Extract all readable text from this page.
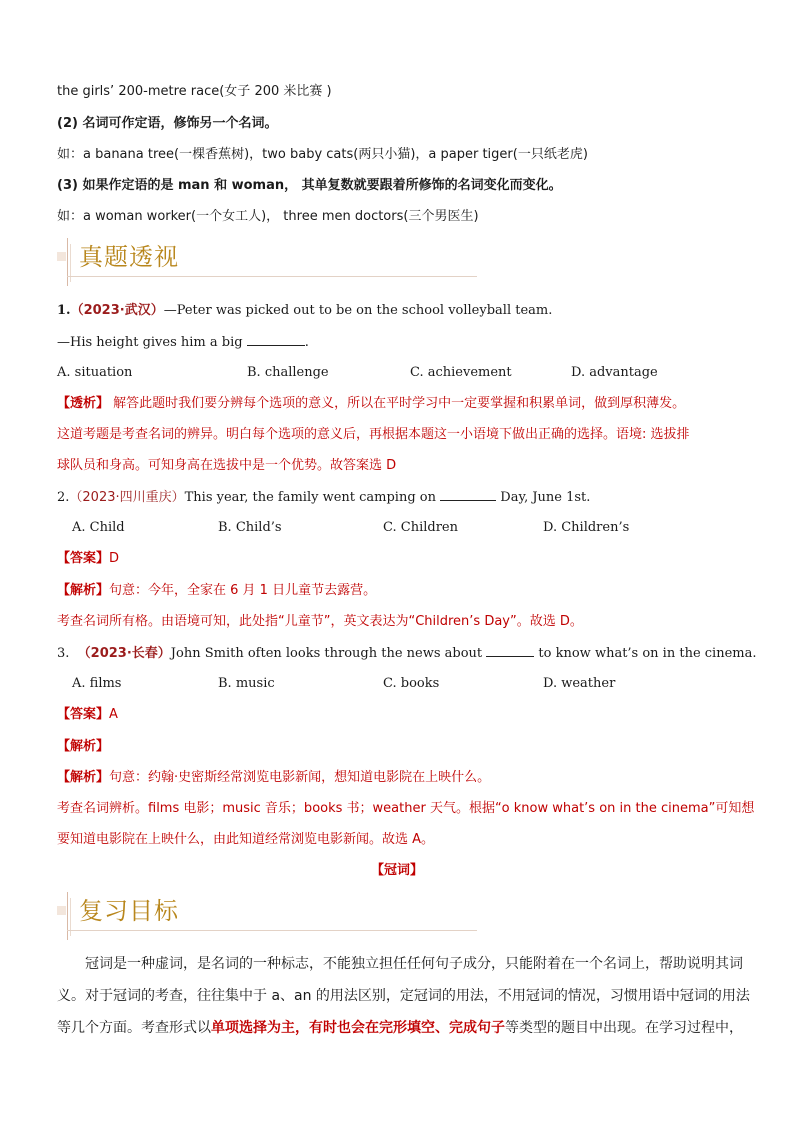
the girls’ 200-metre race(女子 200 米比赛 )
(2) 名词可作定语，修饰另一个名词。
如：a banana tree(一棵香蕉树)，two baby cats(两只小猫)，a paper tiger(一只纸老虎)
(3) 如果作定语的是 man 和 woman， 其单复数就要跟着所修饰的名词变化而变化。
如：a woman worker(一个女工人)， three men doctors(三个男医生)
真题透视
1.（2023·武汉）—Peter was picked out to be on the school volleyball team.
—His height gives him a big	.
A. situation	B. challenge	C. achievement	D. advantage
【透析】 解答此题时我们要分辨每个选项的意义，所以在平时学习中一定要掌握和积累单词，做到厚积薄发。
这道考题是考查名词的辨异。明白每个选项的意义后，再根据本题这一小语境下做出正确的选择。语境: 选拔排
球队员和身高。可知身高在选拔中是一个优势。故答案选 D
2.（2023·四川重庆）This year, the family went camping on	Day, June 1st.
A. Child	B. Child’s	C. Children	D. Children’s
【答案】D
【解析】句意：今年，全家在 6 月 1 日儿童节去露营。
考查名词所有格。由语境可知，此处指“儿童节”，英文表达为“Children’s Day”。故选 D。
3. （2023·长春）John Smith often looks through the news about	to know what’s on in the cinema.
A. films	B. music	C. books	D. weather
【答案】A
【解析】
【解析】句意：约翰·史密斯经常浏览电影新闻，想知道电影院在上映什么。
考查名词辨析。films 电影；music 音乐；books 书；weather 天气。根据“o know what’s on in the cinema”可知想
要知道电影院在上映什么，由此知道经常浏览电影新闻。故选 A。
【冠词】
复习目标
冠词是一种虚词，是名词的一种标志，不能独立担任任何句子成分，只能附着在一个名词上，帮助说明其词
义。对于冠词的考查，往往集中于 a、an 的用法区别，定冠词的用法，不用冠词的情况，习惯用语中冠词的用法
等几个方面。考查形式以单项选择为主，有时也会在完形填空、完成句子等类型的题目中出现。在学习过程中，
